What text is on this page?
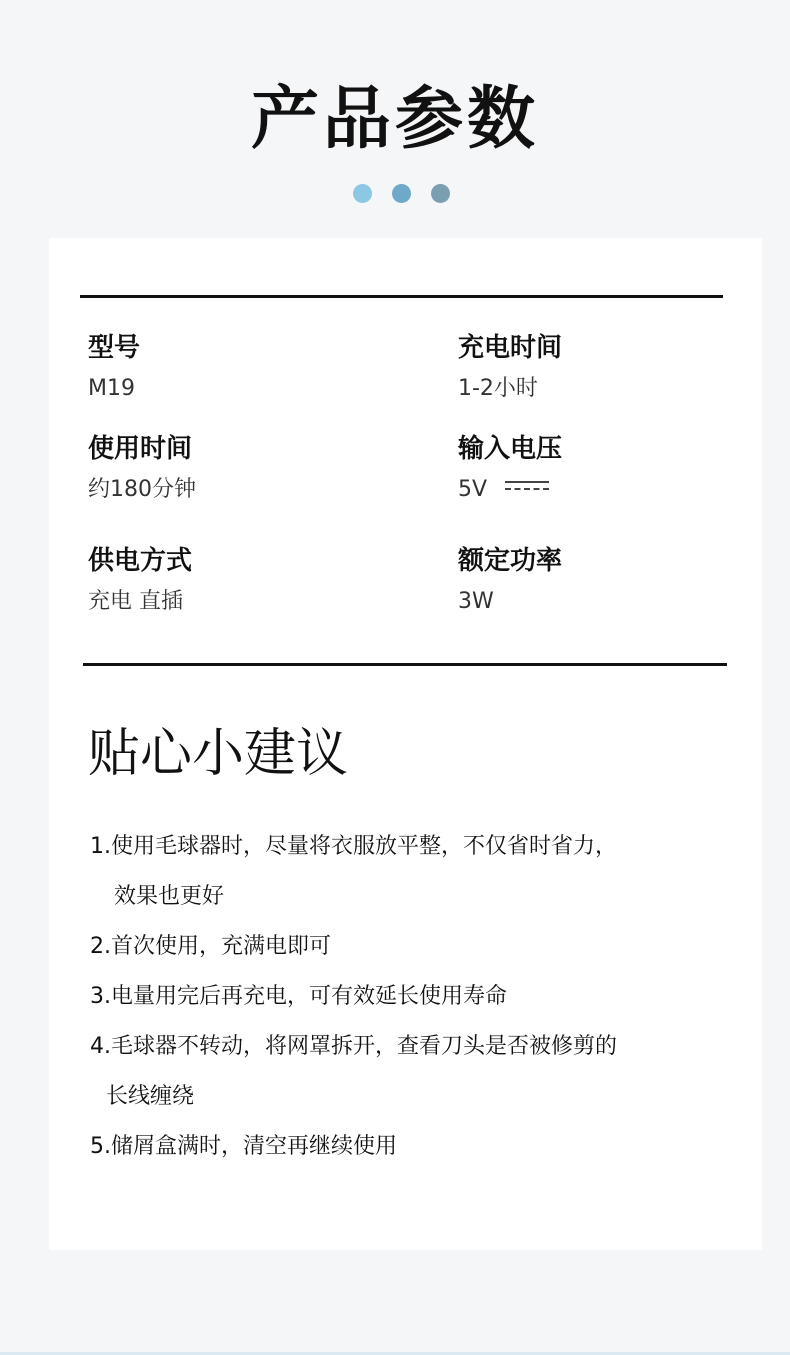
产品参数
型号
M19
充电时间
1-2小时
使用时间
约180分钟
输入电压
5V
供电方式
充电 直插
额定功率
3W
贴心小建议
1.使用毛球器时，尽量将衣服放平整，不仅省时省力，
效果也更好
2.首次使用，充满电即可
3.电量用完后再充电，可有效延长使用寿命
4.毛球器不转动，将网罩拆开，查看刀头是否被修剪的
长线缠绕
5.储屑盒满时，清空再继续使用
